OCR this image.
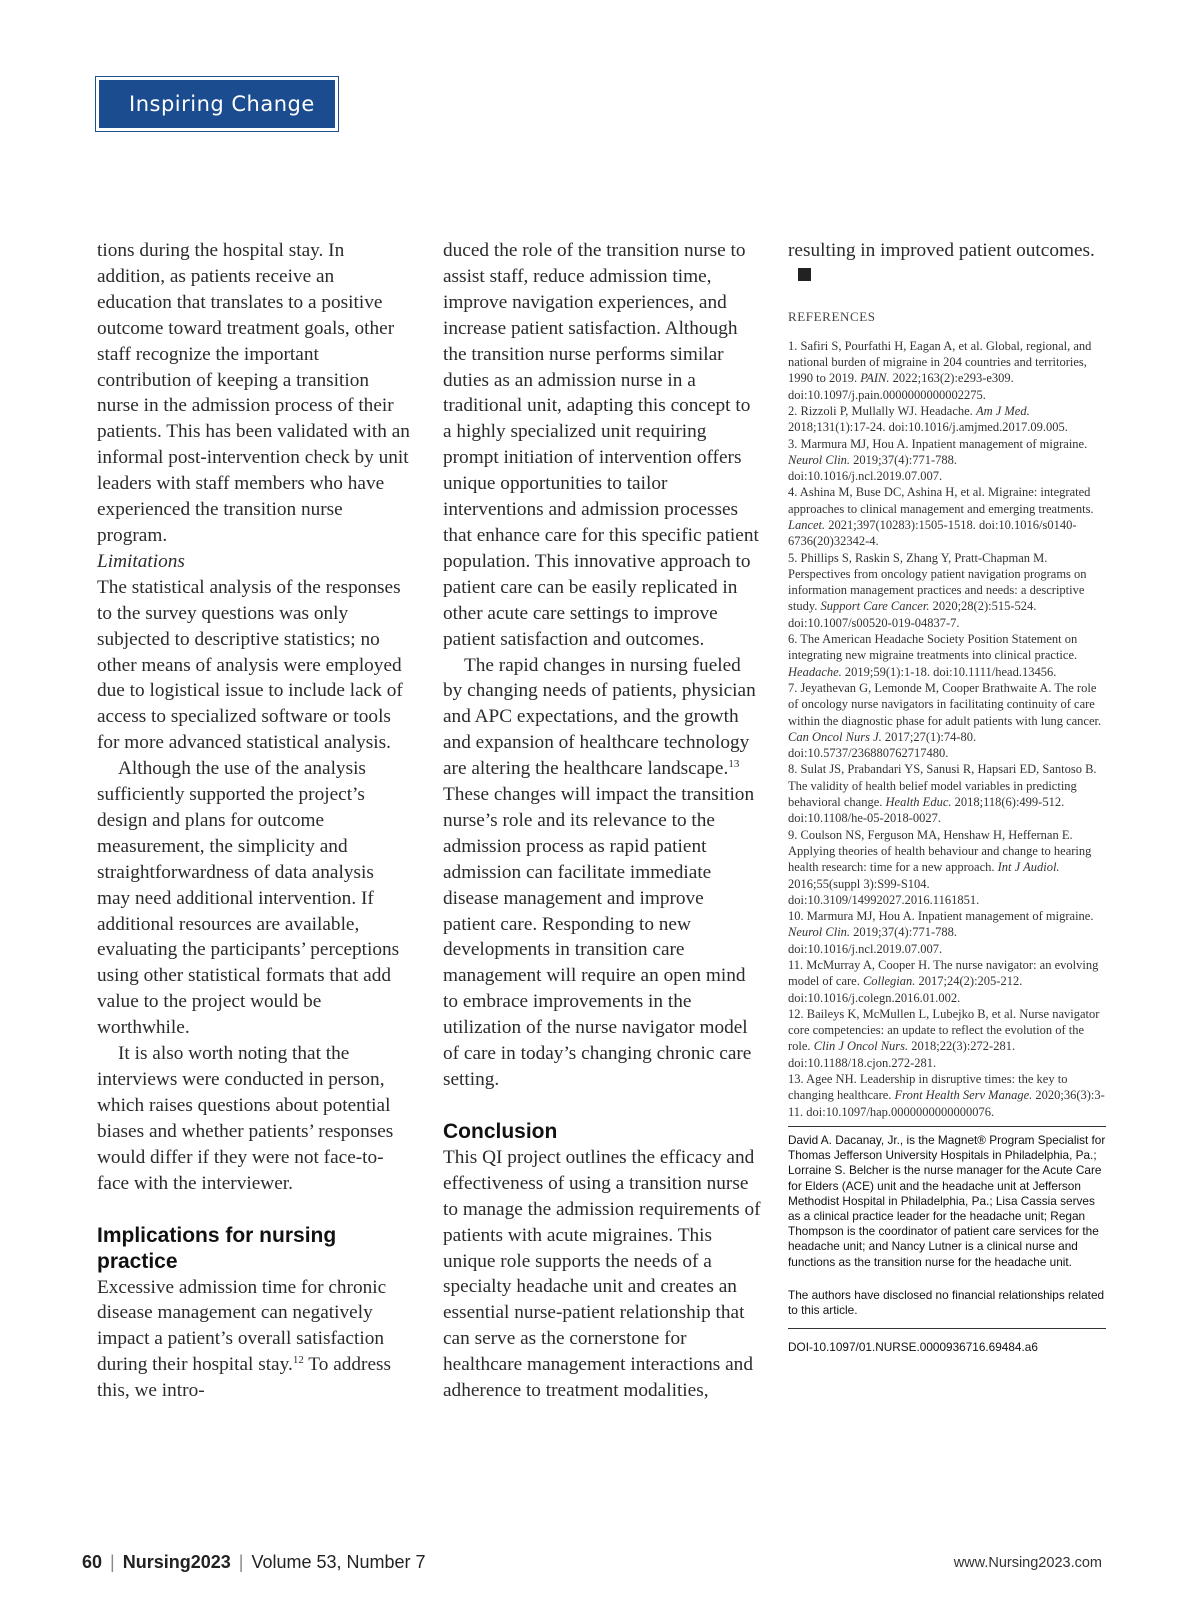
Inspiring Change

tions during the hospital stay. In addition, as patients receive an education that translates to a positive outcome toward treatment goals, other staff recognize the important contribution of keeping a transition nurse in the admission process of their patients. This has been validated with an informal post-intervention check by unit leaders with staff members who have experienced the transition nurse program.

Limitations

The statistical analysis of the responses to the survey questions was only subjected to descriptive statistics; no other means of analysis were employed due to logistical issue to include lack of access to specialized software or tools for more advanced statistical analysis.

Although the use of the analysis sufficiently supported the project’s design and plans for outcome measurement, the simplicity and straightforwardness of data analysis may need additional intervention. If additional resources are available, evaluating the participants’ perceptions using other statistical formats that add value to the project would be worthwhile.

It is also worth noting that the interviews were conducted in person, which raises questions about potential biases and whether patients’ responses would differ if they were not face-to-face with the interviewer.

Implications for nursing practice

Excessive admission time for chronic disease management can negatively impact a patient’s overall satisfaction during their hospital stay.$^{12}$ To address this, we intro-

duced the role of the transition nurse to assist staff, reduce admission time, improve navigation experiences, and increase patient satisfaction. Although the transition nurse performs similar duties as an admission nurse in a traditional unit, adapting this concept to a highly specialized unit requiring prompt initiation of intervention offers unique opportunities to tailor interventions and admission processes that enhance care for this specific patient population. This innovative approach to patient care can be easily replicated in other acute care settings to improve patient satisfaction and outcomes.

The rapid changes in nursing fueled by changing needs of patients, physician and APC expectations, and the growth and expansion of healthcare technology are altering the healthcare landscape.$^{13}$ These changes will impact the transition nurse’s role and its relevance to the admission process as rapid patient admission can facilitate immediate disease management and improve patient care. Responding to new developments in transition care management will require an open mind to embrace improvements in the utilization of the nurse navigator model of care in today’s changing chronic care setting.

Conclusion

This QI project outlines the efficacy and effectiveness of using a transition nurse to manage the admission requirements of patients with acute migraines. This unique role supports the needs of a specialty headache unit and creates an essential nurse-patient relationship that can serve as the cornerstone for healthcare management interactions and adherence to treatment modalities,

resulting in improved patient outcomes.

REFERENCES

1. Safiri S, Pourfathi H, Eagan A, et al. Global, regional, and national burden of migraine in 204 countries and territories, 1990 to 2019. PAIN. 2022;163(2):e293-e309. doi:10.1097/j.pain.0000000000002275.

2. Rizzoli P, Mullally WJ. Headache. Am J Med. 2018;131(1):17-24. doi:10.1016/j.amjmed.2017.09.005.

3. Marmura MJ, Hou A. Inpatient management of migraine. Neurol Clin. 2019;37(4):771-788. doi:10.1016/j.ncl.2019.07.007.

4. Ashina M, Buse DC, Ashina H, et al. Migraine: integrated approaches to clinical management and emerging treatments. Lancet. 2021;397(10283):1505-1518. doi:10.1016/s0140-6736(20)32342-4.

5. Phillips S, Raskin S, Zhang Y, Pratt-Chapman M. Perspectives from oncology patient navigation programs on information management practices and needs: a descriptive study. Support Care Cancer. 2020;28(2):515-524. doi:10.1007/s00520-019-04837-7.

6. The American Headache Society Position Statement on integrating new migraine treatments into clinical practice. Headache. 2019;59(1):1-18. doi:10.1111/head.13456.

7. Jeyathevan G, Lemonde M, Cooper Brathwaite A. The role of oncology nurse navigators in facilitating continuity of care within the diagnostic phase for adult patients with lung cancer. Can Oncol Nurs J. 2017;27(1):74-80. doi:10.5737/236880762717480.

8. Sulat JS, Prabandari YS, Sanusi R, Hapsari ED, Santoso B. The validity of health belief model variables in predicting behavioral change. Health Educ. 2018;118(6):499-512. doi:10.1108/he-05-2018-0027.

9. Coulson NS, Ferguson MA, Henshaw H, Heffernan E. Applying theories of health behaviour and change to hearing health research: time for a new approach. Int J Audiol. 2016;55(suppl 3):S99-S104. doi:10.3109/14992027.2016.1161851.

10. Marmura MJ, Hou A. Inpatient management of migraine. Neurol Clin. 2019;37(4):771-788. doi:10.1016/j.ncl.2019.07.007.

11. McMurray A, Cooper H. The nurse navigator: an evolving model of care. Collegian. 2017;24(2):205-212. doi:10.1016/j.colegn.2016.01.002.

12. Baileys K, McMullen L, Lubejko B, et al. Nurse navigator core competencies: an update to reflect the evolution of the role. Clin J Oncol Nurs. 2018;22(3):272-281. doi:10.1188/18.cjon.272-281.

13. Agee NH. Leadership in disruptive times: the key to changing healthcare. Front Health Serv Manage. 2020;36(3):3-11. doi:10.1097/hap.0000000000000076.

David A. Dacanay, Jr., is the Magnet® Program Specialist for Thomas Jefferson University Hospitals in Philadelphia, Pa.; Lorraine S. Belcher is the nurse manager for the Acute Care for Elders (ACE) unit and the headache unit at Jefferson Methodist Hospital in Philadelphia, Pa.; Lisa Cassia serves as a clinical practice leader for the headache unit; Regan Thompson is the coordinator of patient care services for the headache unit; and Nancy Lutner is a clinical nurse and functions as the transition nurse for the headache unit.
The authors have disclosed no financial relationships related to this article.
DOI-10.1097/01.NURSE.0000936716.69484.a6
60 | Nursing2023 | Volume 53, Number 7	www.Nursing2023.com
